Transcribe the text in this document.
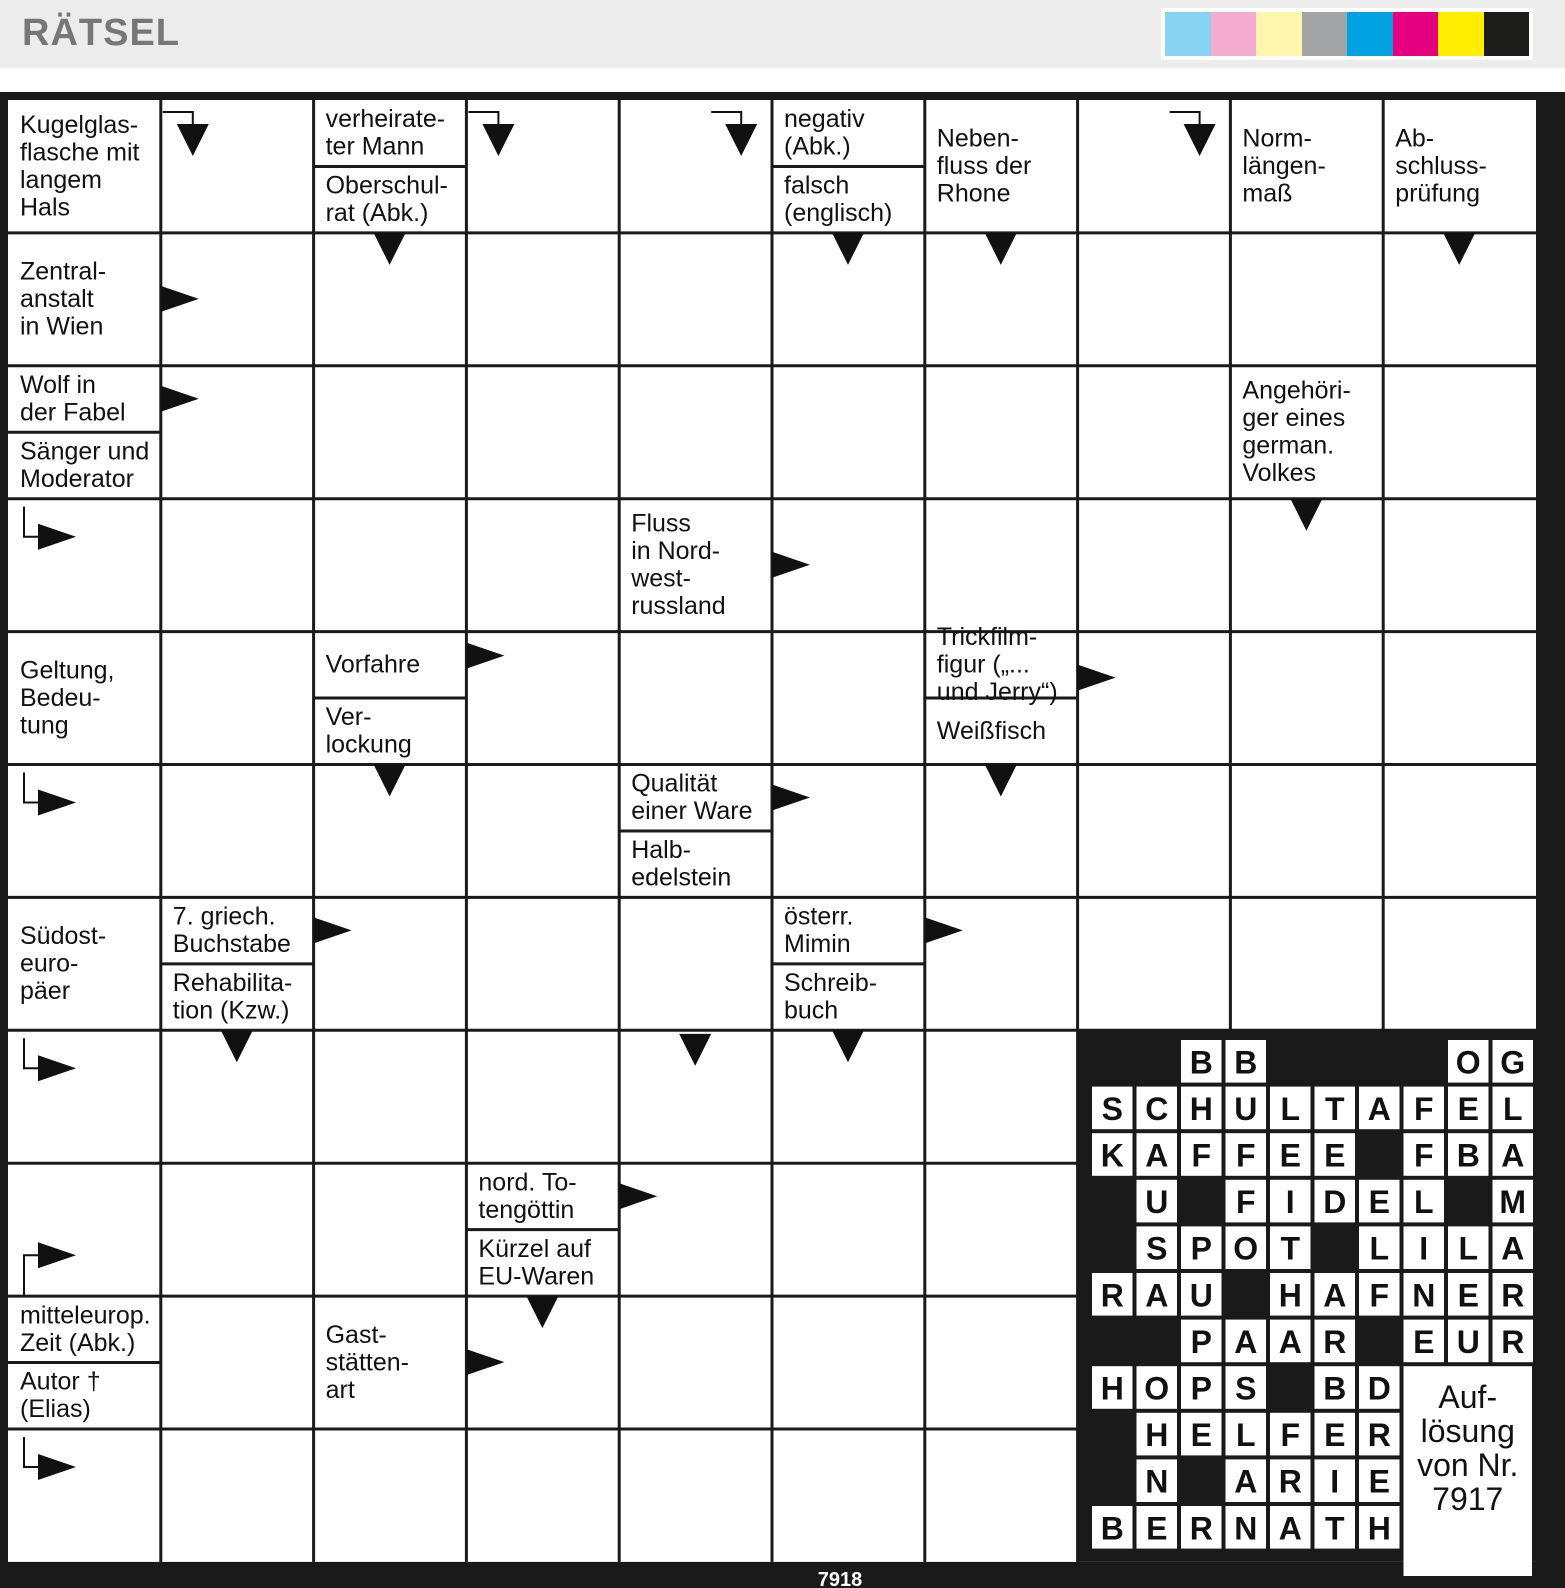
RÄTSEL
Kugelglas-flasche mit langem Hals
verheirate-ter Mann
Oberschul-rat (Abk.)
negativ (Abk.)
falsch (englisch)
Neben-fluss der Rhone
Norm-längen-maß
Ab-schluss-prüfung
Zentral-anstalt in Wien
Wolf in der Fabel
Sänger und Moderator
Angehöri-ger eines german. Volkes
Fluss in Nord-west-russland
Geltung, Bedeu-tung
Vorfahre
Ver-lockung
Trickfilm-figur („... und Jerry“)
Weißfisch
Qualität einer Ware
Halb-edelstein
Südost-euro-päer
7. griech. Buchstabe
Rehabilita-tion (Kzw.)
österr. Mimin
Schreib-buch
nord. To-tengöttin
Kürzel auf EU-Waren
mitteleurop. Zeit (Abk.)
Autor † (Elias)
Gast-stätten-art
7918
B B	O G
S C H U L T A F E L
K A F F E E F B A
U F I D E L M
S P O T L I L A
R A U H A F N E R
P A A R E U R
H O P S B D
H E L F E R
N A R I E
B E R N A T H
Auf-lösung von Nr. 7917
